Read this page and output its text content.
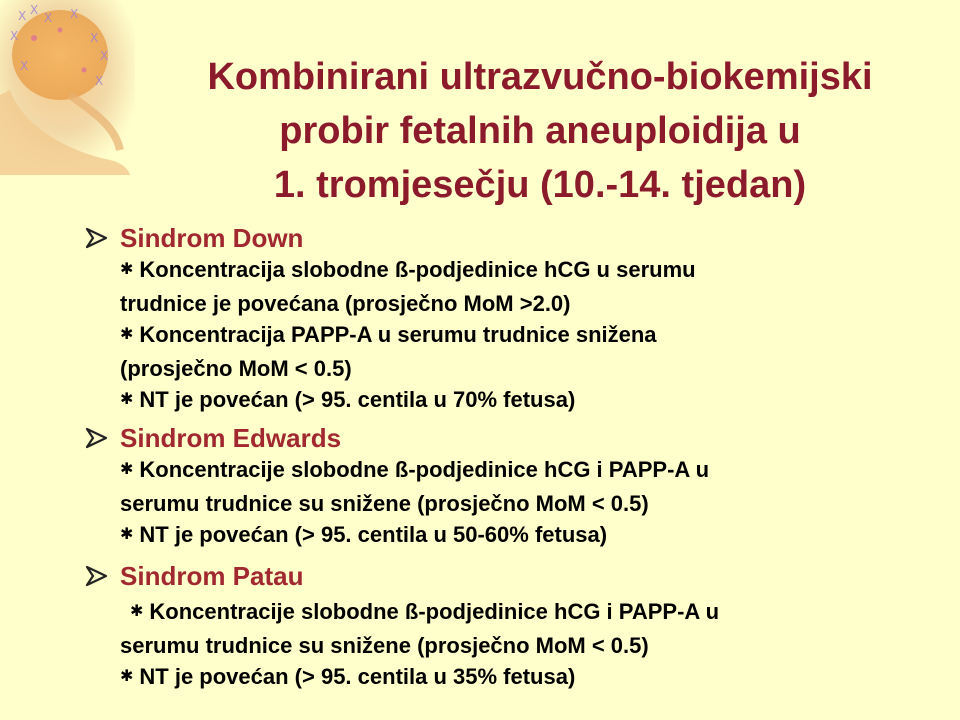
X X
X X
X	X
X
X
X	Kombinirani ultrazvučno-biokemijski
probir fetalnih aneuploidija u
1. tromjesečju (10.-14. tjedan)
Sindrom Down
✱ Koncentracija slobodne ß-podjedinice hCG u serumu
trudnice je povećana (prosječno MoM >2.0)
✱ Koncentracija PAPP-A u serumu trudnice snižena
(prosječno MoM < 0.5)
✱ NT je povećan (> 95. centila u 70% fetusa)
Sindrom Edwards
✱ Koncentracije slobodne ß-podjedinice hCG i PAPP-A u
serumu trudnice su snižene (prosječno MoM < 0.5)
✱ NT je povećan (> 95. centila u 50-60% fetusa)
Sindrom Patau
✱ Koncentracije slobodne ß-podjedinice hCG i PAPP-A u
serumu trudnice su snižene (prosječno MoM < 0.5)
✱ NT je povećan (> 95. centila u 35% fetusa)
